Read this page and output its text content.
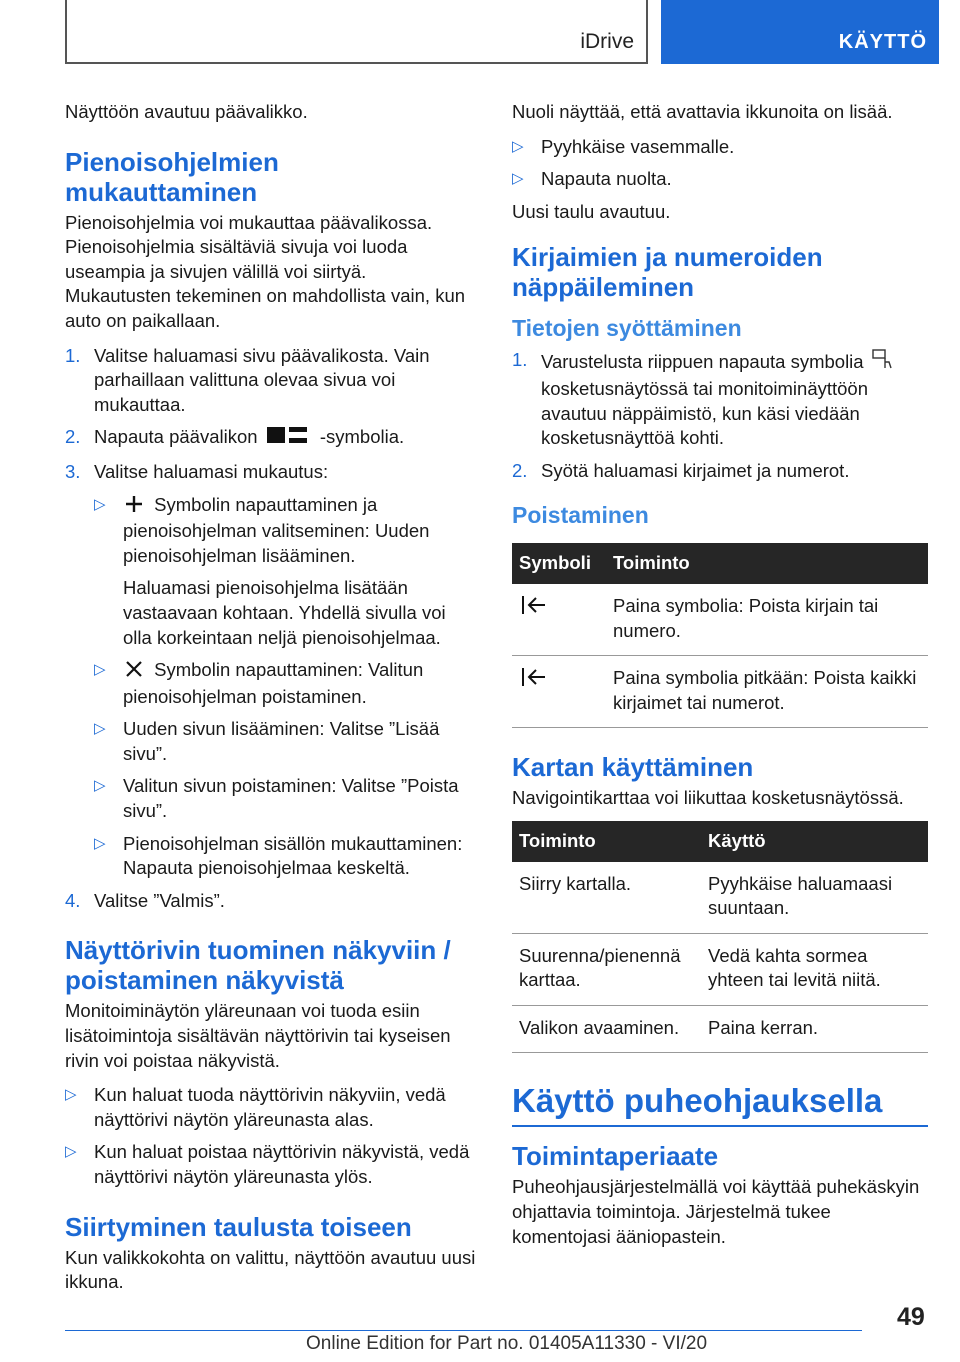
iDrive	KÄYTTÖ

Näyttöön avautuu päävalikko.

Pienoisohjelmien mukauttaminen

Pienoisohjelmia voi mukauttaa päävalikossa. Pienoisohjelmia sisältäviä sivuja voi luoda useampia ja sivujen välillä voi siirtyä. Mukautusten tekeminen on mahdollista vain, kun auto on paikallaan.

1. Valitse haluamasi sivu päävalikosta. Vain parhaillaan valittuna olevaa sivua voi mukauttaa.
2. Napauta päävalikon	-symbolia.
3. Valitse haluamasi mukautus:
▷	Symbolin napauttaminen ja pienoisohjelman valitseminen: Uuden pienoisohjelman lisääminen.
Haluamasi pienoisohjelma lisätään vastaavaan kohtaan. Yhdellä sivulla voi olla korkeintaan neljä pienoisohjelmaa.
▷	Symbolin napauttaminen: Valitun pienoisohjelman poistaminen.
▷ Uuden sivun lisääminen: Valitse ”Lisää sivu”.
▷ Valitun sivun poistaminen: Valitse ”Poista sivu”.
▷ Pienoisohjelman sisällön mukauttaminen: Napauta pienoisohjelmaa keskeltä.
4. Valitse ”Valmis”.
Näyttörivin tuominen näkyviin / poistaminen näkyvistä

Monitoiminäytön yläreunaan voi tuoda esiin lisätoimintoja sisältävän näyttörivin tai kyseisen rivin voi poistaa näkyvistä.

▷ Kun haluat tuoda näyttörivin näkyviin, vedä näyttörivi näytön yläreunasta alas.
▷ Kun haluat poistaa näyttörivin näkyvistä, vedä näyttörivi näytön yläreunasta ylös.
Siirtyminen taulusta toiseen

Kun valikkokohta on valittu, näyttöön avautuu uusi ikkuna.

Nuoli näyttää, että avattavia ikkunoita on lisää.

▷ Pyyhkäise vasemmalle.
▷ Napauta nuolta.

Uusi taulu avautuu.

Kirjaimien ja numeroiden näppäileminen
Tietojen syöttäminen
1. Varustelusta riippuen napauta symbolia  kosketusnäytössä tai monitoiminäyttöön avautuu näppäimistö, kun käsi viedään kosketusnäyttöä kohti.
2. Syötä haluamasi kirjaimet ja numerot.
Poistaminen
Symboli	Toiminto
	Paina symbolia: Poista kirjain tai numero.
	Paina symbolia pitkään: Poista kaikki kirjaimet tai numerot.
Kartan käyttäminen

Navigointikarttaa voi liikuttaa kosketusnäytössä.

Toiminto	Käyttö
Siirry kartalla.	Pyyhkäise haluamaasi suuntaan.
Suurenna/pienennä karttaa.	Vedä kahta sormea yhteen tai levitä niitä.
Valikon avaaminen.	Paina kerran.
Käyttö puheohjauksella
Toimintaperiaate

Puheohjausjärjestelmällä voi käyttää puhekäskyin ohjattavia toimintoja. Järjestelmä tukee komentojasi ääniopastein.

49
Online Edition for Part no. 01405A11330 - VI/20
